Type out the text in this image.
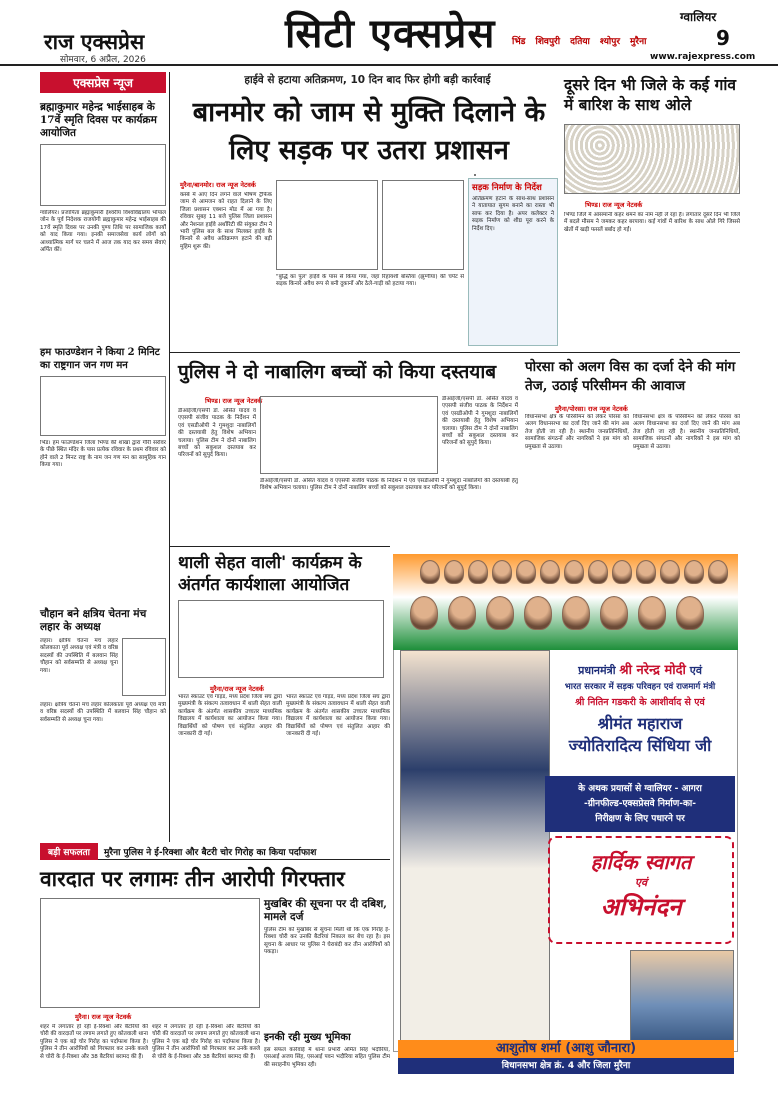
राज एक्सप्रेस
सोमवार, 6 अप्रैल, 2026
सिटी एक्सप्रेस	ग्वालियर
9
भिंड शिवपुरी दतिया श्योपुर मुरैना
www.rajexpress.com
एक्सप्रेस न्यूज
ब्रह्माकुमार महेन्द्र भाईसाहब के 17वें स्मृति दिवस पर कार्यक्रम आयोजित
ग्वालियर। प्रजापिता ब्रह्माकुमारी ईश्वरीय विश्वविद्यालय भोपाल जोन के पूर्व निदेशक राजयोगी ब्रह्माकुमार महेन्द्र भाईसाहब की 17वें स्मृति दिवस पर उनकी पुण्य तिथि पर सामाजिक कार्यों को याद किया गया। इनकी समाजसेवा कार्य लोगों को आध्यात्मिक मार्ग पर चलने में आज तक याद कर समय सेवाएं अर्पित कीं।
हम फाउण्डेशन ने किया 2 मिनिट का राष्ट्रगान जन गण मन
भिंड। हम फाउण्डेशन जिला भिण्ड की शाखा द्वारा गौरी सरोवर के पीछे स्थित मंदिर के पास प्रत्येक रविवार के प्रथम रविवार को होने वाले 2 मिनट राष्ट्र के नाम जन गण मन का सामूहिक गान किया गया।
चौहान बने क्षत्रिय चेतना मंच लहार के अध्यक्ष
लहार। क्षत्रिय चेतना मंच लहार कोलकाता पूर्व अध्यक्ष एवं मंत्री व वरिष्ठ सदस्यों की उपस्थिति में बलवान सिंह चौहान को सर्वसम्मति से अध्यक्ष चुना गया।
लहार। क्षत्रिय चेतना मंच लहार कोलकाता पूर्व अध्यक्ष एवं मंत्री व वरिष्ठ सदस्यों की उपस्थिति में बलवान सिंह चौहान को सर्वसम्मति से अध्यक्ष चुना गया।
हाईवे से हटाया अतिक्रमण, 10 दिन बाद फिर होगी बड़ी कार्रवाई
बानमोर को जाम से मुक्ति दिलाने के लिए सड़क पर उतरा प्रशासन
मुरैना/बानमोर। राज न्यूज नेटवर्क
कस्बे में आए दिन लगने वाले भीषण ट्रैफिक जाम से आमजन को राहत दिलाने के लिए जिला प्रशासन एक्शन मोड में आ गया है। रविवार सुबह 11 बजे पुलिस जिला प्रशासन और नेशनल हाईवे अथॉरिटी की संयुक्त टीम ने भारी पुलिस बल के साथ मिलकर हाईवे के किनारे से अवैध अतिक्रमण हटाने की बड़ी मुहिम शुरू की।
"बुद्धि का पुल' हाईवे के पास से किया गया, जहां रिहायशी बस्तियां (झुग्गीयां) की चपेट से सड़क किनारे अवैध रूप से बनी दुकानों और ठेले-गाड़ी को हटाया गया।
सड़क निर्माण के निर्देश
अतिक्रमण हटाने के साथ-साथ प्रशासन ने यातायात सुगम बनाने का रास्ता भी साफ कर दिया है। अपर कलेक्टर ने सड़क निर्माण को शीघ्र पूरा करने के निर्देश दिए।
दूसरे दिन भी जिले के कई गांव में बारिश के साथ ओले
भिण्ड। राज न्यूज नेटवर्क
भिण्ड जिले में आसमानी कहर थमने का नाम नहीं ले रहा है। लगातार दूसरे दिन भी जिले में बदले मौसम ने जमकर कहर बरपाया। कई गांवों में बारिश के साथ ओले गिरे जिससे खेतों में खड़ी फसलें बर्बाद हो गईं।
पुलिस ने दो नाबालिग बच्चों को किया दस्तयाब
भिण्ड। राज न्यूज नेटवर्क
डीआईजी/एसपी डॉ. असित यादव व एएसपी संजीव पाठक के निर्देशन में एवं एसडीओपी ने गुमशुदा नाबालिगों की दस्तयाबी हेतु विशेष अभियान चलाया। पुलिस टीम ने दोनों नाबालिग बच्चों को सकुशल दस्तयाब कर परिजनों को सुपुर्द किया।
डीआईजी/एसपी डॉ. असित यादव व एएसपी संजीव पाठक के निर्देशन में एवं एसडीओपी ने गुमशुदा नाबालिगों की दस्तयाबी हेतु विशेष अभियान चलाया। पुलिस टीम ने दोनों नाबालिग बच्चों को सकुशल दस्तयाब कर परिजनों को सुपुर्द किया।
डीआईजी/एसपी डॉ. असित यादव व एएसपी संजीव पाठक के निर्देशन में एवं एसडीओपी ने गुमशुदा नाबालिगों की दस्तयाबी हेतु विशेष अभियान चलाया। पुलिस टीम ने दोनों नाबालिग बच्चों को सकुशल दस्तयाब कर परिजनों को सुपुर्द किया।
पोरसा को अलग विस का दर्जा देने की मांग तेज, उठाई परिसीमन की आवाज
मुरैना/पोरसा। राज न्यूज नेटवर्क
विधानसभा क्षेत्र के परिसीमन को लेकर पोरसा को अलग विधानसभा का दर्जा दिए जाने की मांग अब तेज होती जा रही है। स्थानीय जनप्रतिनिधियों, सामाजिक संगठनों और नागरिकों ने इस मांग को प्रमुखता से उठाया।
विधानसभा क्षेत्र के परिसीमन को लेकर पोरसा को अलग विधानसभा का दर्जा दिए जाने की मांग अब तेज होती जा रही है। स्थानीय जनप्रतिनिधियों, सामाजिक संगठनों और नागरिकों ने इस मांग को प्रमुखता से उठाया।
थाली सेहत वाली' कार्यक्रम के अंतर्गत कार्यशाला आयोजित
मुरैना/राज न्यूज नेटवर्क
भारत स्काउट एवं गाइड, मध्य प्रदेश जिला संघ द्वारा मुख्यमंत्री के संकल्प तत्वावधान में थाली सेहत वाली कार्यक्रम के अंतर्गत शासकीय उच्चतर माध्यमिक विद्यालय में कार्यशाला का आयोजन किया गया। विद्यार्थियों को पोषण एवं संतुलित आहार की जानकारी दी गई।
भारत स्काउट एवं गाइड, मध्य प्रदेश जिला संघ द्वारा मुख्यमंत्री के संकल्प तत्वावधान में थाली सेहत वाली कार्यक्रम के अंतर्गत शासकीय उच्चतर माध्यमिक विद्यालय में कार्यशाला का आयोजन किया गया। विद्यार्थियों को पोषण एवं संतुलित आहार की जानकारी दी गई।
बड़ी सफलता	मुरैना पुलिस ने ई-रिक्शा और बैटरी चोर गिरोह का किया पर्दाफाश
वारदात पर लगामः तीन आरोपी गिरफ्तार
मुरैना। राज न्यूज नेटवर्क
शहर में लगातार हो रही ई-रिक्शा और बैटरियों की चोरी की वारदातों पर लगाम लगाते हुए कोतवाली थाना पुलिस ने एक बड़े चोर गिरोह का पर्दाफाश किया है। पुलिस ने तीन आरोपियों को गिरफ्तार कर उनके कब्जे से चोरी के ई-रिक्शा और 38 बैटरियां बरामद की हैं।
शहर में लगातार हो रही ई-रिक्शा और बैटरियों की चोरी की वारदातों पर लगाम लगाते हुए कोतवाली थाना पुलिस ने एक बड़े चोर गिरोह का पर्दाफाश किया है। पुलिस ने तीन आरोपियों को गिरफ्तार कर उनके कब्जे से चोरी के ई-रिक्शा और 38 बैटरियां बरामद की हैं।
मुखबिर की सूचना पर दी दबिश, मामले दर्ज
पुलिस टीम को मुखबिर से सूचना मिली थी कि एक गिरोह ई-रिक्शा चोरी कर उनकी बैटरियां निकाल कर बेच रहा है। इस सूचना के आधार पर पुलिस ने घेराबंदी कर तीन आरोपियों को पकड़ा।
इनकी रही मुख्य भूमिका
इस सफल कार्रवाई में थाना प्रभारी अमित सिंह भदौरिया, एसआई अजय सिंह, एसआई पवन भदौरिया सहित पुलिस टीम की सराहनीय भूमिका रही।
प्रधानमंत्री श्री नरेन्द्र मोदी एवं
भारत सरकार में सड़क परिवहन एवं राजमार्ग मंत्री
श्री नितिन गडकरी के आशीर्वाद से एवं
श्रीमंत महाराज
ज्योतिरादित्य सिंधिया जी
के अथक प्रयासों से ग्वालियर - आगरा
-ग्रीनफील्ड-एक्सप्रेसवे निर्माण-का-
निरीक्षण के लिए पधारने पर
हार्दिक स्वागत
एवं
अभिनंदन
आशुतोष शर्मा (आशु जौनारा)
विधानसभा क्षेत्र क्रं. 4 और जिला मुरैना
